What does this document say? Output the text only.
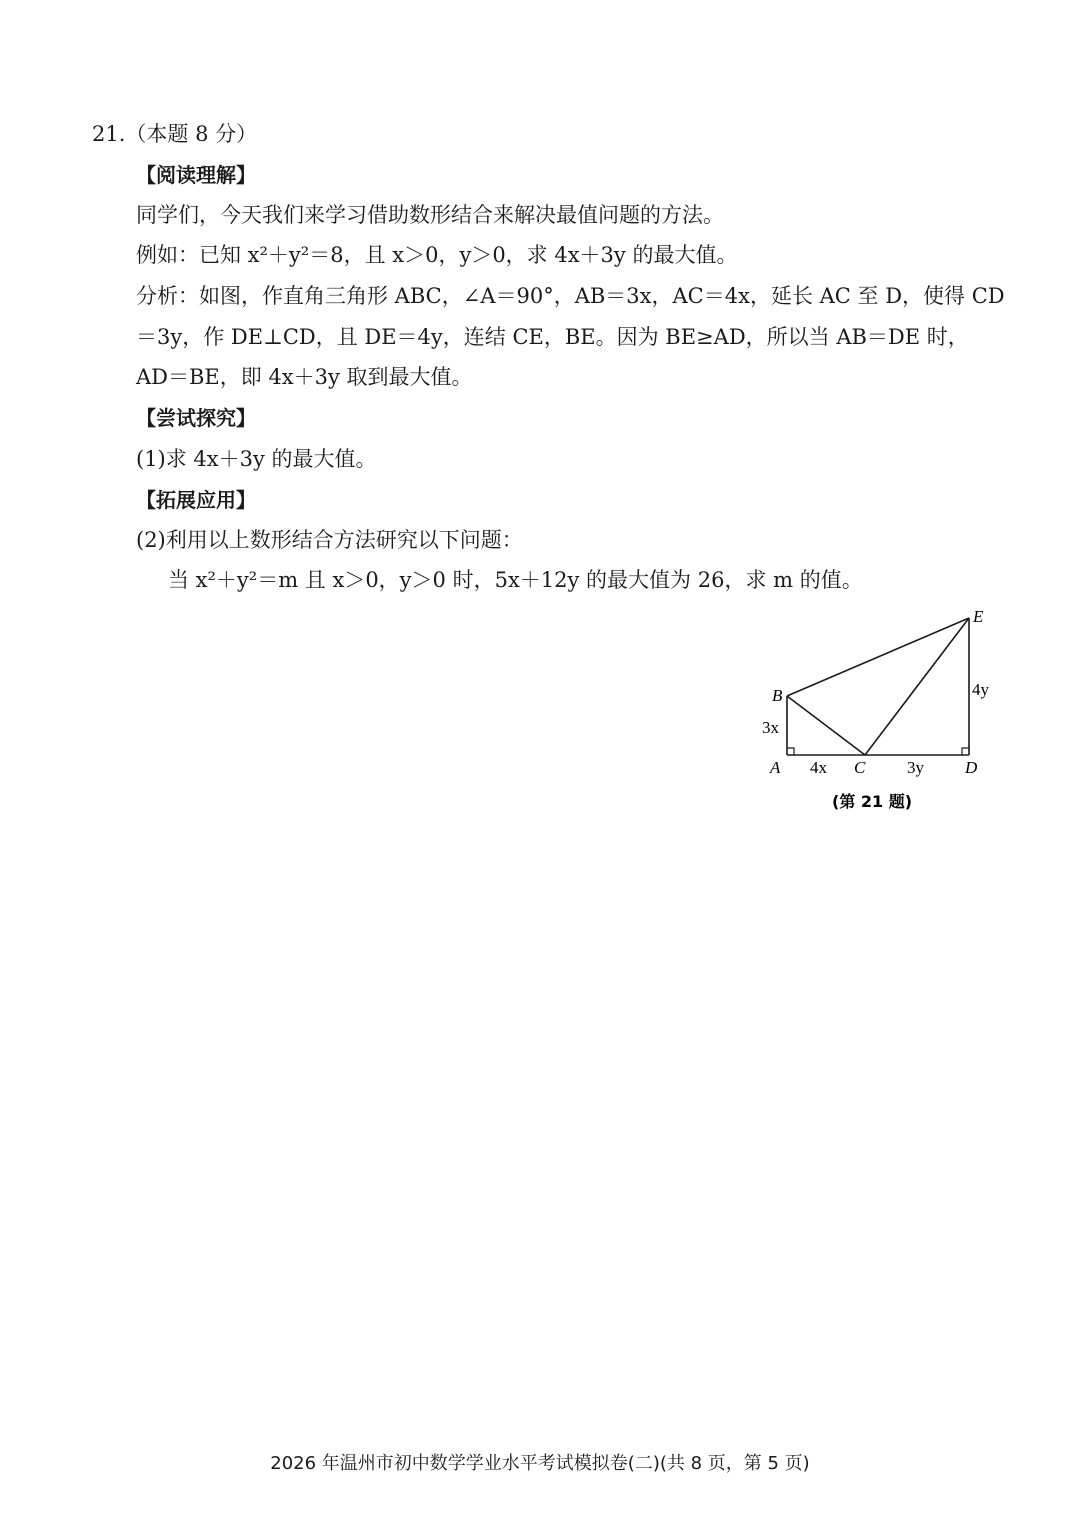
21.（本题 8 分）
【阅读理解】
同学们，今天我们来学习借助数形结合来解决最值问题的方法。
例如：已知 x²＋y²＝8，且 x＞0，y＞0，求 4x＋3y 的最大值。
分析：如图，作直角三角形 ABC，∠A＝90°，AB＝3x，AC＝4x，延长 AC 至 D，使得 CD
＝3y，作 DE⊥CD，且 DE＝4y，连结 CE，BE。因为 BE≥AD，所以当 AB＝DE 时，
AD＝BE，即 4x＋3y 取到最大值。
【尝试探究】
(1)求 4x＋3y 的最大值。
【拓展应用】
(2)利用以上数形结合方法研究以下问题：
当 x²＋y²＝m 且 x＞0，y＞0 时，5x＋12y 的最大值为 26，求 m 的值。
B
A	C	D
E
3x
4x	3y
4y
(第 21 题)
2026 年温州市初中数学学业水平考试模拟卷(二)(共 8 页，第 5 页)
